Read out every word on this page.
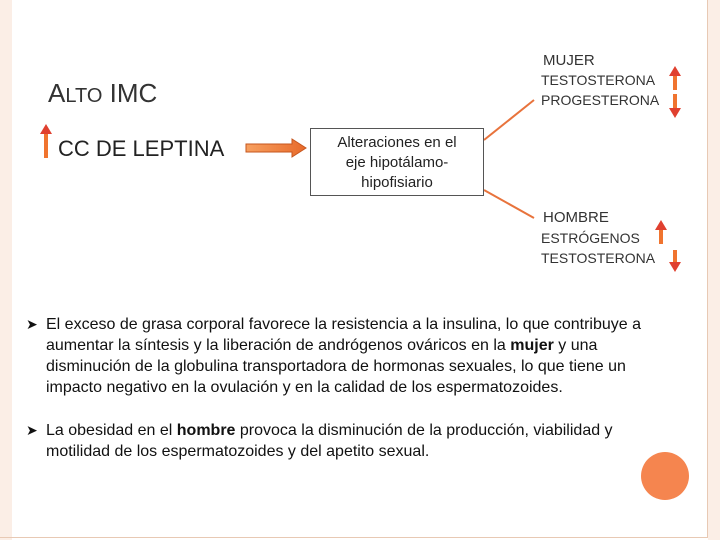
ALTO IMC
CC DE LEPTINA	Alteraciones en el
eje hipotálamo-
hipofisiario
MUJER
TESTOSTERONA
PROGESTERONA
HOMBRE
ESTRÓGENOS
TESTOSTERONA
➤ El exceso de grasa corporal favorece la resistencia a la insulina, lo que contribuye a aumentar la síntesis y la liberación de andrógenos ováricos en la mujer y una disminución de la globulina transportadora de hormonas sexuales, lo que tiene un impacto negativo en la ovulación y en la calidad de los espermatozoides.
➤ La obesidad en el hombre provoca la disminución de la producción, viabilidad y motilidad de los espermatozoides y del apetito sexual.
